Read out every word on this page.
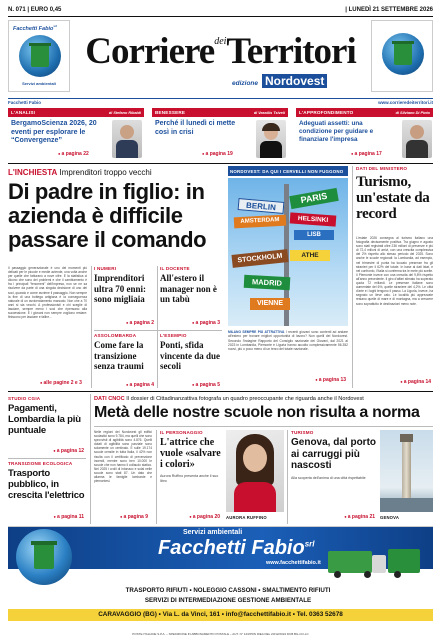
N. 071 | EURO 0,45	| LUNEDÌ 21 SETTEMBRE 2026
Facchetti Fabio$^{srl}$
Servizi ambientali
Corriere$^{dei}$Territori
edizione Nordovest
www.corrieredeiterritori.it
Facchetti Fabio
L'ANALISI	di Stefano Ribaldi
BergamoScienza 2026, 20 eventi per esplorare le “Convergenze”
● a pagina 22
BENESSERE	di Vassilis Tsiveli
Perché il lunedì ci mette così in crisi
● a pagina 19
L'APPROFONDIMENTO	di Silviano Di Pinto
Adeguati assetti: una condizione per guidare e finanziare l'impresa
● a pagina 17
L'INCHIESTA Imprenditori troppo vecchi
Di padre in figlio: in azienda è difficile passare il comando
Il passaggio generazionale è uno dei momenti più delicati per le piccole e medie aziende, una volta anche per quelle che fatturano a nove cifre. E la statistica ci dicono che sono dei problemi e che il cambiamento è fra i principali “fenomeni” dell'impresa, non se ne sa risolvere da parte di una singola decisione di uno dei soci, quando e come avviene il passaggio. Non sempre la fine di una bottega artigiana è la conseguenza naturale di un avvicendamento mancato. Non che a 70 anni si sia vecchi. A professionisti e chi sceglie di lasciare, sempre meno i soci che ripensano alla successione. E i giovani non sempre vogliono restare: finiscono per lasciare e fallire…
● alle pagine 2 e 3
I NUMERI
Imprenditori ultra 70 enni: sono migliaia
● a pagina 2
IL DOCENTE
All'estero il manager non è un tabù
● a pagina 3
ASSOLOMBARDA
Come fare la transizione senza traumi
● a pagina 4
L'ESEMPIO
Ponti, sfida vincente da due secoli
● a pagina 5
NORDOVEST: DA QUI I CERVELLI NON FUGGONO
PARIS
BERLIN
AMSTERDAM	HELSINKI
LISB
STOCKHOLM	ATHE
MADRID
VIENNE
MILANO SEMPRE PIÙ ATTRATTIVA I recenti giovani sono contenti ad andare all'estero per trovare migliori opportunità di lavoro? Non quelli del Nordovest. Secondo l'indagine Rapporto del Consiglio nazionale dei Giovani, dal 2021 al 2023 in Lombardia, Piemonte e Liguria hanno accolto complessivamente 56.352 nuovi, più o poco meno di un terzo del totale nazionale.
● a pagina 13
DATI DEL MINISTERO
Turismo, un'estate da record
L'estate 2026 consegna al turismo italiano una fotografia decisamente positiva. Tra giugno e agosto sono stati registrati oltre 236 milioni di presenze e più di 72,4 milioni di arrivi, con una crescita complessiva del 2% rispetto allo stesso periodo del 2025. Sono anche le scuole regionali: la Lombardia, ad esempio, nel trimestre di punta ha toccato presenze fra gli stranieri per il 62% del totale. In base ai dati Istat, e nel confronto, l'Italia si conferma tra le mete più scelte. Il Piemonte invece con una crescita del 9,8% rispetto all'anno precedente. Il giro d'affari stimato ha superato quota 72 miliardi. Le presenze italiane sono aumentate del 6%, quelle straniere del 4,2%. Le città d'arte e i laghi tengono il passo. La Liguria, invece, ha segnato un lieve calo. Le località più apprezzate restano quelle di mare e di montagna, ma a crescere sono soprattutto le destinazioni meno note.
● a pagina 14
STUDIO CGIA
Pagamenti, Lombardia la più puntuale
● a pagina 12
TRANSIZIONE ECOLOGICA
Trasporto pubblico, in crescita l'elettrico
● a pagina 11
DATI CNOC Il dossier di Cittadinanzattiva fotografa un quadro preoccupante che riguarda anche il Nordovest
Metà delle nostre scuole non risulta a norma
Nelle regioni del Nordovest gli edifici scolastici sono 9.784, ma quelli che sono sprovvisti di agibilità sono 4.876. Quelli dotati di agibilità sono parziale sono solamente un centinaio. E sulle 19.174 scuole censite in tutta Italia, il 42% non risulta con il certificato di prevenzione incendi, mentre sono ben 10.000 le scuole che non hanno il collaudo statico. Nel 2025 i crolli di intonaco e solai nelle scuole sono stati 87. Un dato che allarma le famiglie lombarde e piemontesi.
● a pagina 9
IL PERSONAGGIO
L'attrice che vuole «salvare i colori»
Aurora Ruffino presenta anche il suo libro
● a pagina 20 AURORA RUFFINO
TURISMO
Genova, dal porto ai carruggi più nascosti
Alla scoperta dell'anima di una città rispettabile
● a pagina 21 GENOVA
Servizi ambientali
Facchetti Fabio$^{srl}$
www.facchettifabio.it
TRASPORTO RIFIUTI • NOLEGGIO CASSONI • SMALTIMENTO RIFIUTI
SERVIZI DI INTERMEDIAZIONE GESTIONE AMBIENTALE
CARAVAGGIO (BG) • Via L. da Vinci, 161 • info@facchettifabio.it • Tel. 0363 52678
POSTE ITALIANE S.P.A. – SPEDIZIONE IN ABBONAMENTO POSTALE – AUT. N° 123/PDN IDEA DEL 20/12/2024 DCB BG-CO-LC
